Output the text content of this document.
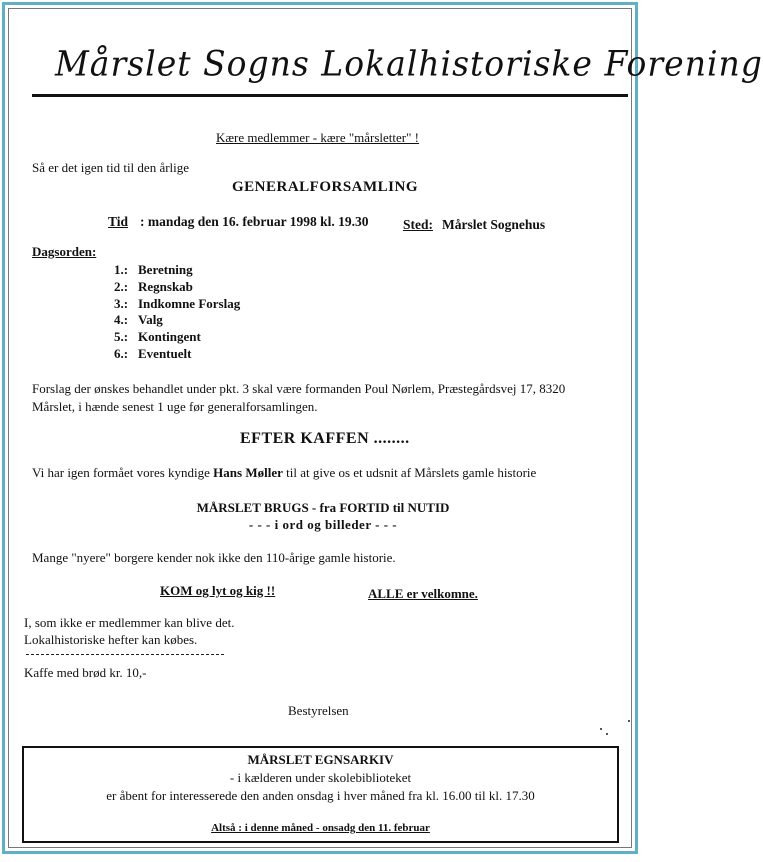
Mårslet Sogns Lokalhistoriske Forening
Kære medlemmer - kære "mårsletter" !
Så er det igen tid til den årlige
GENERALFORSAMLING
Tid : mandag den 16. februar 1998 kl. 19.30	Sted: Mårslet Sognehus
Dagsorden:
1.: Beretning
2.: Regnskab
3.: Indkomne Forslag
4.: Valg
5.: Kontingent
6.: Eventuelt
Forslag der ønskes behandlet under pkt. 3 skal være formanden Poul Nørlem, Præstegårdsvej 17, 8320
Mårslet, i hænde senest 1 uge før generalforsamlingen.
EFTER KAFFEN ........
Vi har igen formået vores kyndige Hans Møller til at give os et udsnit af Mårslets gamle historie
MÅRSLET BRUGS - fra FORTID til NUTID
- - - i ord og billeder - - -
Mange "nyere" borgere kender nok ikke den 110-årige gamle historie.
KOM og lyt og kig !!	ALLE er velkomne.
I, som ikke er medlemmer kan blive det.
Lokalhistoriske hefter kan købes.
Kaffe med brød kr. 10,-
Bestyrelsen
MÅRSLET EGNSARKIV
- i kælderen under skolebiblioteket
er åbent for interesserede den anden onsdag i hver måned fra kl. 16.00 til kl. 17.30
Altså : i denne måned - onsadg den 11. februar
